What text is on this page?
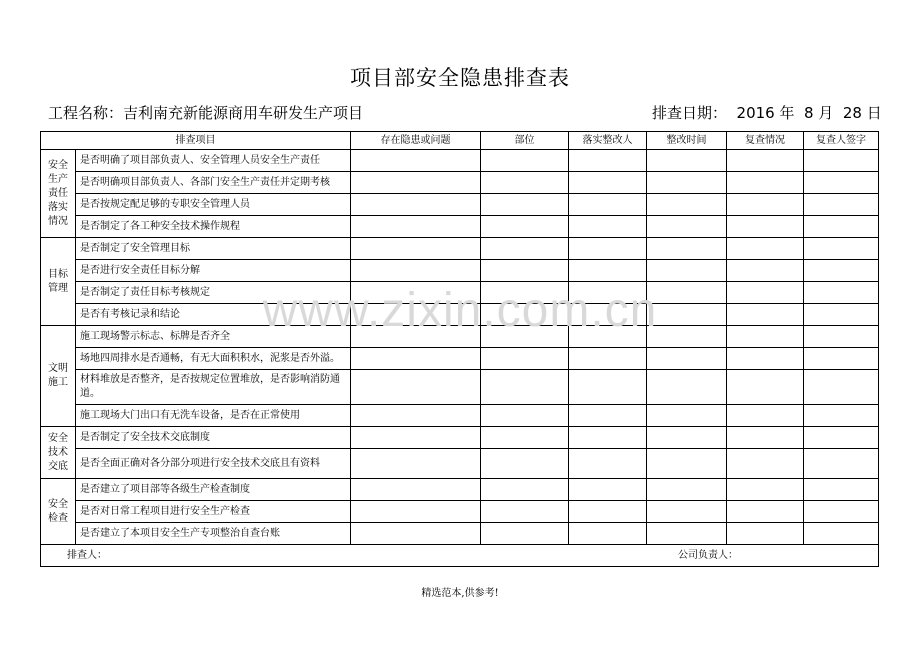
项目部安全隐患排查表
工程名称：吉利南充新能源商用车研发生产项目	排查日期：  2016 年  8 月  28 日
排查项目		存在隐患或问题	部位	落实整改人	整改时间	复查情况	复查人签字
安全生产责任落实情况	是否明确了项目部负责人、安全管理人员安全生产责任						
	是否明确项目部负责人、各部门安全生产责任并定期考核						
	是否按规定配足够的专职安全管理人员						
	是否制定了各工种安全技术操作规程						
目标管理	是否制定了安全管理目标						
	是否进行安全责任目标分解						
	是否制定了责任目标考核规定						
	是否有考核记录和结论						
文明施工	施工现场警示标志、标牌是否齐全						
	场地四周排水是否通畅，有无大面积积水，泥浆是否外溢。						
	材料堆放是否整齐，是否按规定位置堆放，是否影响消防通道。						
	施工现场大门出口有无洗车设备，是否在正常使用						
安全技术交底	是否制定了安全技术交底制度						
	是否全面正确对各分部分项进行安全技术交底且有资料						
安全检查	是否建立了项目部等各级生产检查制度						
	是否对日常工程项目进行安全生产检查						
	是否建立了本项目安全生产专项整治自查台账						
排查人： 公司负责人：							
www.zixin.com.cn
精选范本,供参考!
